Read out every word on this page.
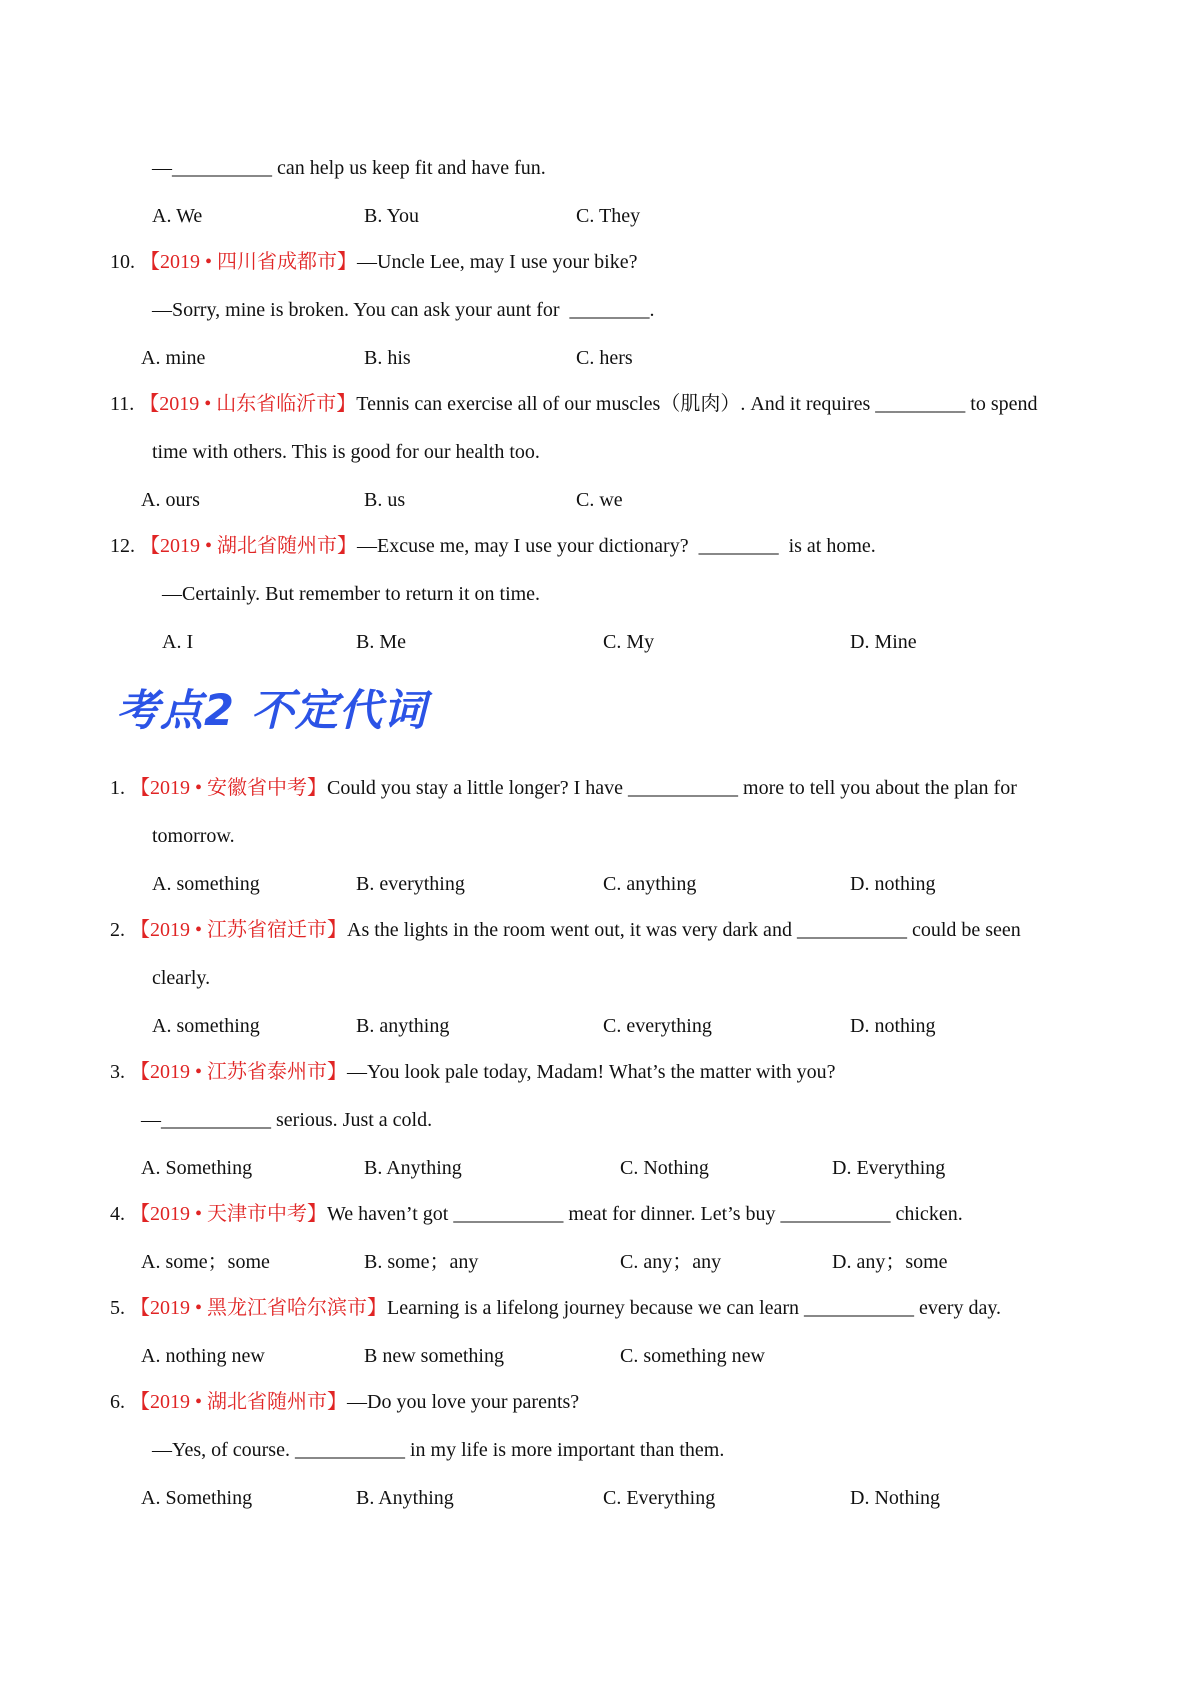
—__________ can help us keep fit and have fun.
A. We	B. You	C. They
10. 【2019 • 四川省成都市】—Uncle Lee, may I use your bike?
—Sorry, mine is broken. You can ask your aunt for  ________.
A. mine	B. his	C. hers
11. 【2019 • 山东省临沂市】Tennis can exercise all of our muscles（肌肉）. And it requires _________ to spend
time with others. This is good for our health too.
A. ours	B. us	C. we
12. 【2019 • 湖北省随州市】—Excuse me, may I use your dictionary?  ________  is at home.
—Certainly. But remember to return it on time.
A. I	B. Me	C. My	D. Mine
考点2 不定代词
1. 【2019 • 安徽省中考】Could you stay a little longer? I have ___________ more to tell you about the plan for
tomorrow.
A. something	B. everything	C. anything	D. nothing
2. 【2019 • 江苏省宿迁市】As the lights in the room went out, it was very dark and ___________ could be seen
clearly.
A. something	B. anything	C. everything	D. nothing
3. 【2019 • 江苏省泰州市】—You look pale today, Madam! What’s the matter with you?
—___________ serious. Just a cold.
A. Something	B. Anything	C. Nothing	D. Everything
4. 【2019 • 天津市中考】We haven’t got ___________ meat for dinner. Let’s buy ___________ chicken.
A. some；some	B. some；any	C. any；any	D. any；some
5. 【2019 • 黑龙江省哈尔滨市】Learning is a lifelong journey because we can learn ___________ every day.
A. nothing new	B new something	C. something new
6. 【2019 • 湖北省随州市】—Do you love your parents?
—Yes, of course. ___________ in my life is more important than them.
A. Something	B. Anything	C. Everything	D. Nothing
